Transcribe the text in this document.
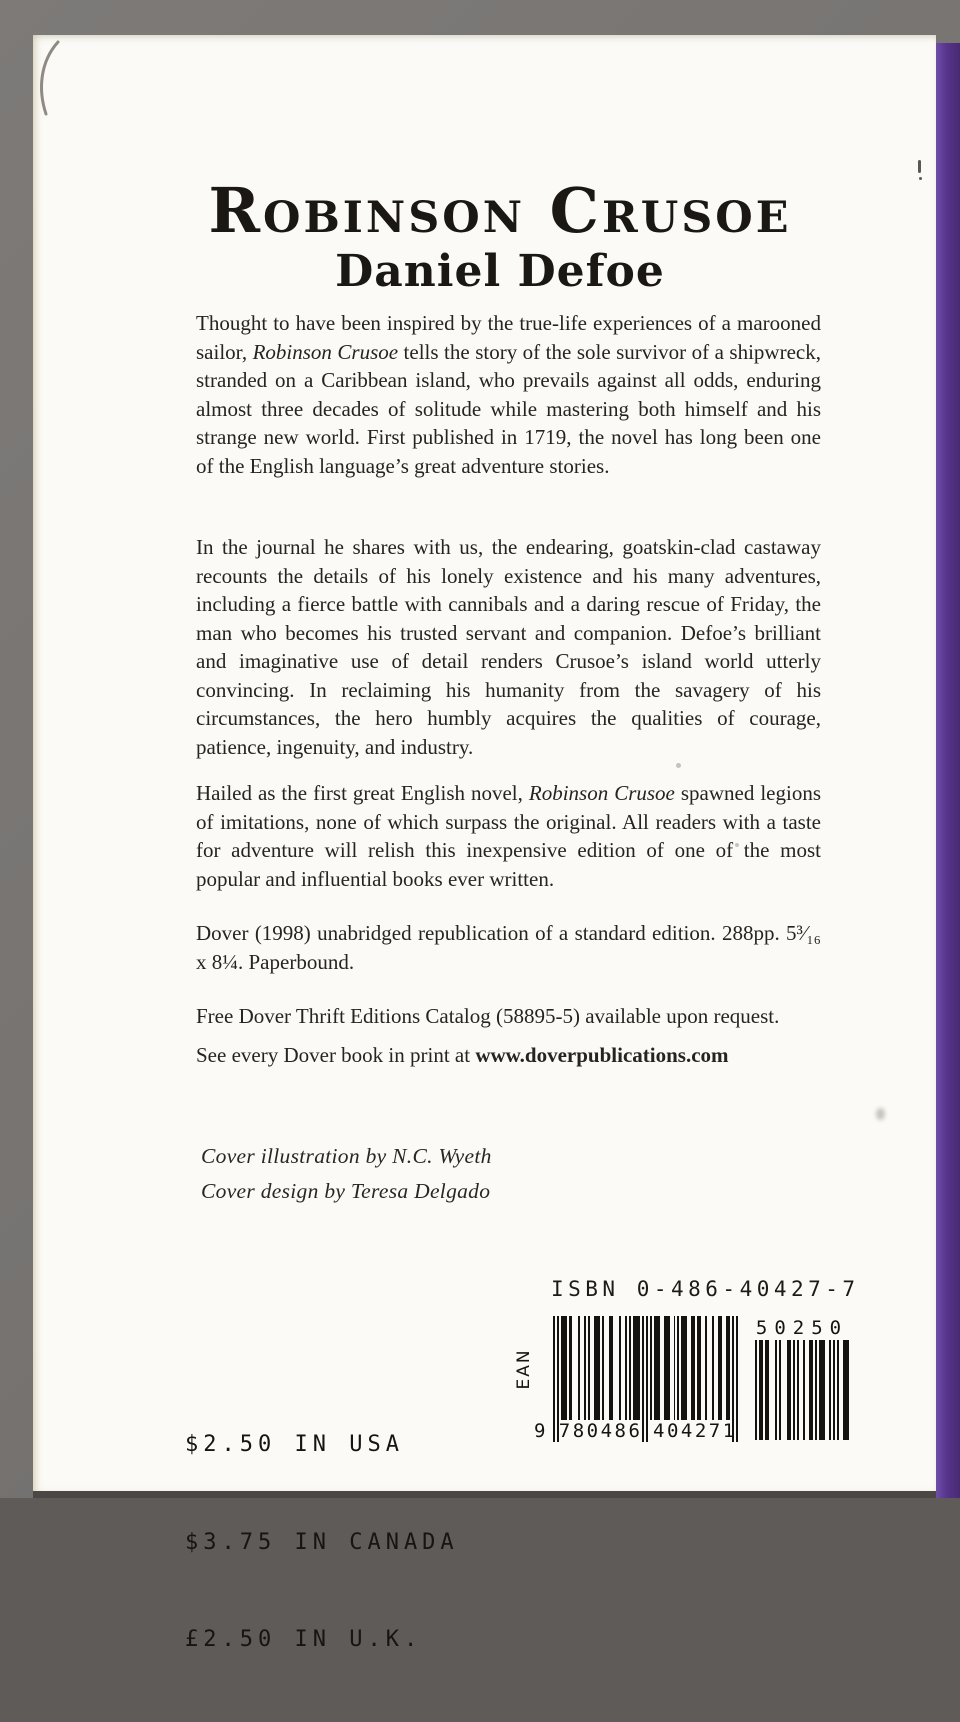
Robinson Crusoe
Daniel Defoe

Thought to have been inspired by the true-life experiences of a marooned sailor, Robinson Crusoe tells the story of the sole survivor of a shipwreck, stranded on a Caribbean island, who prevails against all odds, enduring almost three decades of solitude while mastering both himself and his strange new world. First published in 1719, the novel has long been one of the English language’s great adventure stories.

In the journal he shares with us, the endearing, goatskin-clad castaway recounts the details of his lonely existence and his many adventures, including a fierce battle with cannibals and a daring rescue of Friday, the man who becomes his trusted servant and companion. Defoe’s brilliant and imaginative use of detail renders Crusoe’s island world utterly convincing. In reclaiming his humanity from the savagery of his circumstances, the hero humbly acquires the qualities of courage, patience, ingenuity, and industry.

Hailed as the first great English novel, Robinson Crusoe spawned legions of imitations, none of which surpass the original. All readers with a taste for adventure will relish this inexpensive edition of one of the most popular and influential books ever written.

Dover (1998) unabridged republication of a standard edition. 288pp. 5³⁄₁₆ x 8¼. Paperbound.

Free Dover Thrift Editions Catalog (58895-5) available upon request.

See every Dover book in print at www.doverpublications.com

Cover illustration by N.C. Wyeth
Cover design by Teresa Delgado
ISBN 0-486-40427-7
EAN
9 780486 404271
50250

$2.50 IN USA

$3.75 IN CANADA

£2.50 IN U.K.
